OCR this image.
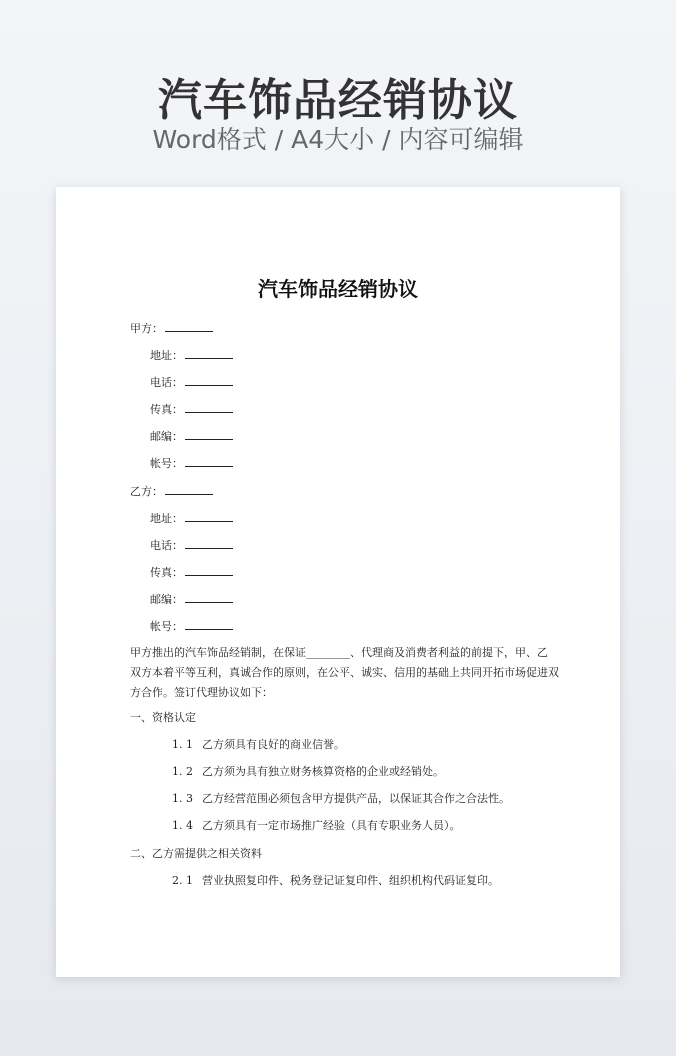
汽车饰品经销协议

Word格式 / A4大小 / 内容可编辑

汽车饰品经销协议
甲方：
地址：
电话：
传真：
邮编：
帐号：
乙方：
地址：
电话：
传真：
邮编：
帐号：
甲方推出的汽车饰品经销制，在保证________、代理商及消费者利益的前提下，甲、乙
双方本着平等互利，真诚合作的原则，在公平、诚实、信用的基础上共同开拓市场促进双
方合作。签订代理协议如下：
一、资格认定
1. 1 乙方须具有良好的商业信誉。
1. 2 乙方须为具有独立财务核算资格的企业或经销处。
1. 3 乙方经营范围必须包含甲方提供产品，以保证其合作之合法性。
1. 4 乙方须具有一定市场推广经验（具有专职业务人员）。
二、乙方需提供之相关资料
2. 1 营业执照复印件、税务登记证复印件、组织机构代码证复印。
